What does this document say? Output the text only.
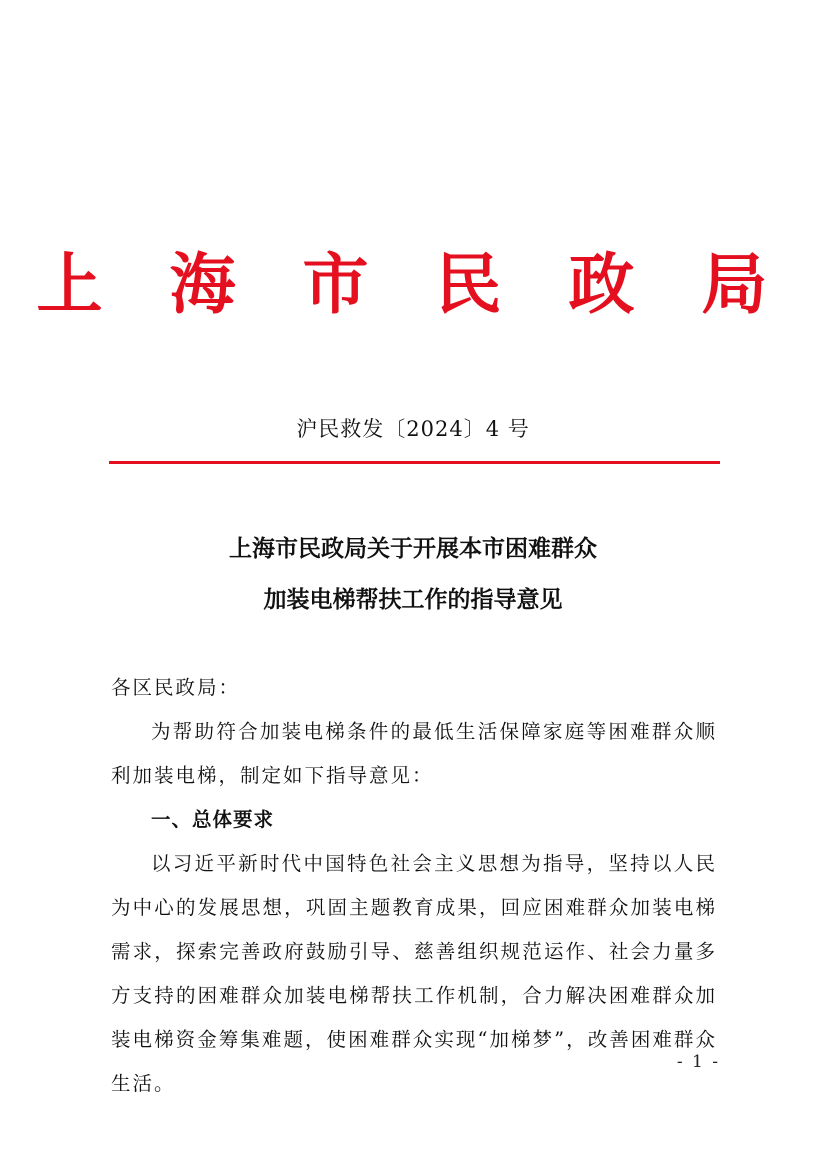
上 海 市 民 政 局
沪民救发〔2024〕4 号
上海市民政局关于开展本市困难群众
加装电梯帮扶工作的指导意见
各区民政局：
为帮助符合加装电梯条件的最低生活保障家庭等困难群众顺利加装电梯，制定如下指导意见：
一、总体要求
以习近平新时代中国特色社会主义思想为指导，坚持以人民为中心的发展思想，巩固主题教育成果，回应困难群众加装电梯需求，探索完善政府鼓励引导、慈善组织规范运作、社会力量多方支持的困难群众加装电梯帮扶工作机制，合力解决困难群众加装电梯资金筹集难题，使困难群众实现“加梯梦”，改善困难群众生活。
- 1 -
